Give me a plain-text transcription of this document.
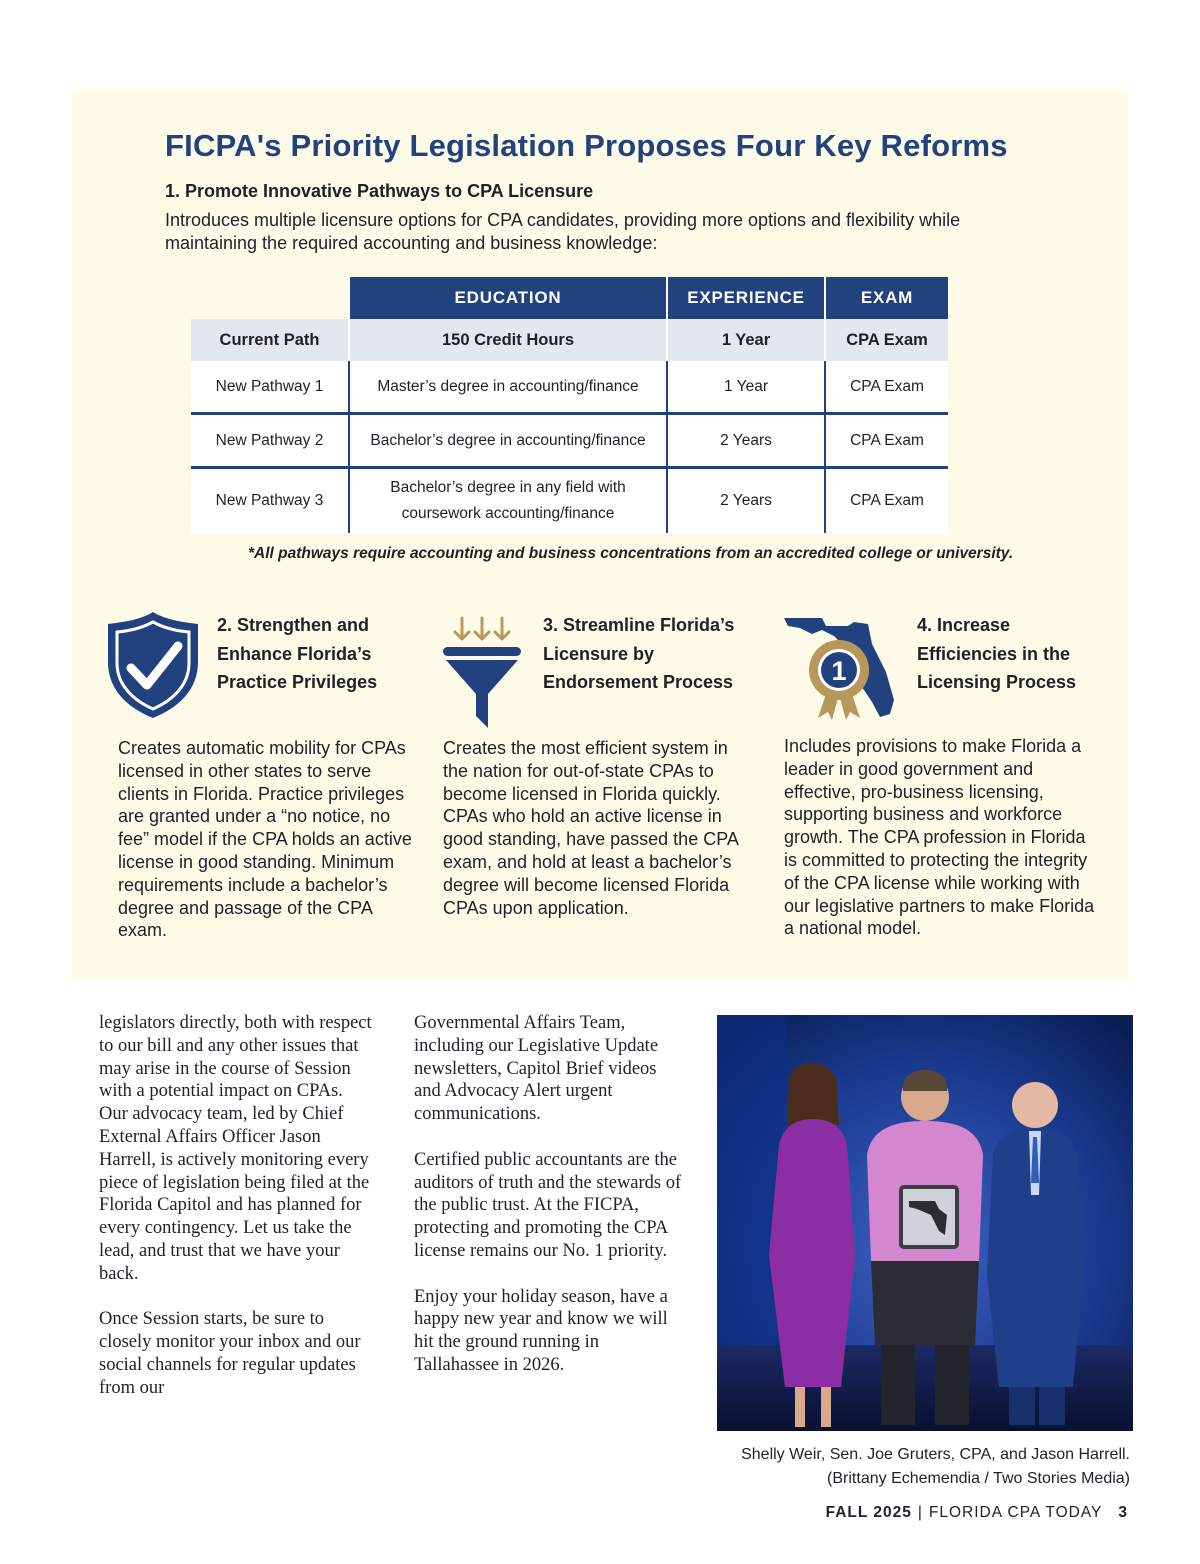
FICPA's Priority Legislation Proposes Four Key Reforms
1. Promote Innovative Pathways to CPA Licensure
Introduces multiple licensure options for CPA candidates, providing more options and flexibility while maintaining the required accounting and business knowledge:
	EDUCATION	EXPERIENCE	EXAM
Current Path	150 Credit Hours	1 Year	CPA Exam
New Pathway 1	Master’s degree in accounting/finance	1 Year	CPA Exam
New Pathway 2	Bachelor’s degree in accounting/finance	2 Years	CPA Exam
New Pathway 3	Bachelor’s degree in any field with coursework accounting/finance	2 Years	CPA Exam
*All pathways require accounting and business concentrations from an accredited college or university.
2. Strengthen and Enhance Florida’s Practice Privileges
Creates automatic mobility for CPAs licensed in other states to serve clients in Florida. Practice privileges are granted under a “no notice, no fee” model if the CPA holds an active license in good standing. Minimum requirements include a bachelor’s degree and passage of the CPA exam.
3. Streamline Florida’s Licensure by Endorsement Process
Creates the most efficient system in the nation for out-of-state CPAs to become licensed in Florida quickly. CPAs who hold an active license in good standing, have passed the CPA exam, and hold at least a bachelor’s degree will become licensed Florida CPAs upon application.
1
4. Increase Efficiencies in the Licensing Process
Includes provisions to make Florida a leader in good government and effective, pro-business licensing, supporting business and workforce growth. The CPA profession in Florida is committed to protecting the integrity of the CPA license while working with our legislative partners to make Florida a national model.

legislators directly, both with respect to our bill and any other issues that may arise in the course of Session with a potential impact on CPAs. Our advocacy team, led by Chief External Affairs Officer Jason Harrell, is actively monitoring every piece of legislation being filed at the Florida Capitol and has planned for every contingency. Let us take the lead, and trust that we have your back.

Once Session starts, be sure to closely monitor your inbox and our social channels for regular updates from our

Governmental Affairs Team, including our Legislative Update newsletters, Capitol Brief videos and Advocacy Alert urgent communications.

Certified public accountants are the auditors of truth and the stewards of the public trust. At the FICPA, protecting and promoting the CPA license remains our No. 1 priority.

Enjoy your holiday season, have a happy new year and know we will hit the ground running in Tallahassee in 2026.

Shelly Weir, Sen. Joe Gruters, CPA, and Jason Harrell.
(Brittany Echemendia / Two Stories Media)
FALL 2025 | FLORIDA CPA TODAY 3
